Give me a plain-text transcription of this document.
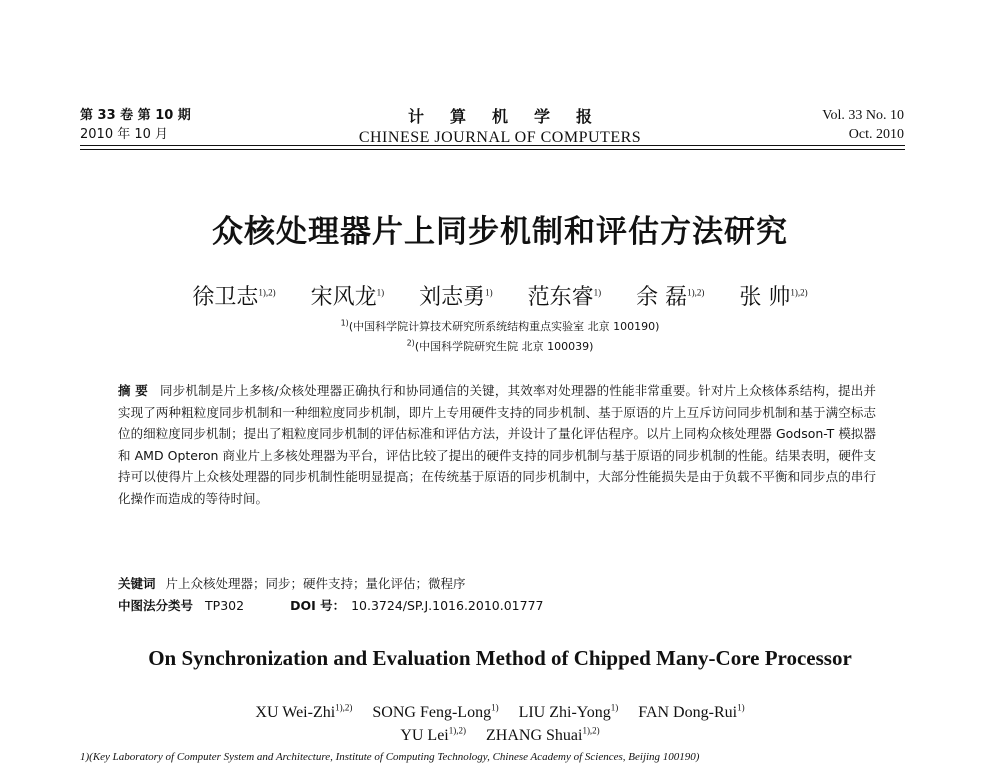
第 33 卷 第 10 期
2010 年 10 月
计算机学报
CHINESE JOURNAL OF COMPUTERS
Vol. 33 No. 10
Oct. 2010
众核处理器片上同步机制和评估方法研究
徐卫志$^{1),2)}$ 宋风龙$^{1)}$ 刘志勇$^{1)}$ 范东睿$^{1)}$ 余 磊$^{1),2)}$ 张 帅$^{1),2)}$
$^{1)}$(中国科学院计算技术研究所系统结构重点实验室 北京 100190)
$^{2)}$(中国科学院研究生院 北京 100039)
摘 要 同步机制是片上多核/众核处理器正确执行和协同通信的关键，其效率对处理器的性能非常重要。针对片上众核体系结构，提出并实现了两种粗粒度同步机制和一种细粒度同步机制，即片上专用硬件支持的同步机制、基于原语的片上互斥访问同步机制和基于满空标志位的细粒度同步机制；提出了粗粒度同步机制的评估标准和评估方法，并设计了量化评估程序。以片上同构众核处理器 Godson-T 模拟器和 AMD Opteron 商业片上多核处理器为平台，评估比较了提出的硬件支持的同步机制与基于原语的同步机制的性能。结果表明，硬件支持可以使得片上众核处理器的同步机制性能明显提高；在传统基于原语的同步机制中，大部分性能损失是由于负载不平衡和同步点的串行化操作而造成的等待时间。
关键词 片上众核处理器；同步；硬件支持；量化评估；微程序
中图法分类号 TP302	DOI 号： 10.3724/SP.J.1016.2010.01777
On Synchronization and Evaluation Method of Chipped Many-Core Processor
XU Wei-Zhi$^{1),2)}$ SONG Feng-Long$^{1)}$ LIU Zhi-Yong$^{1)}$ FAN Dong-Rui$^{1)}$
YU Lei$^{1),2)}$ ZHANG Shuai$^{1),2)}$
1)(Key Laboratory of Computer System and Architecture, Institute of Computing Technology, Chinese Academy of Sciences, Beijing 100190)
